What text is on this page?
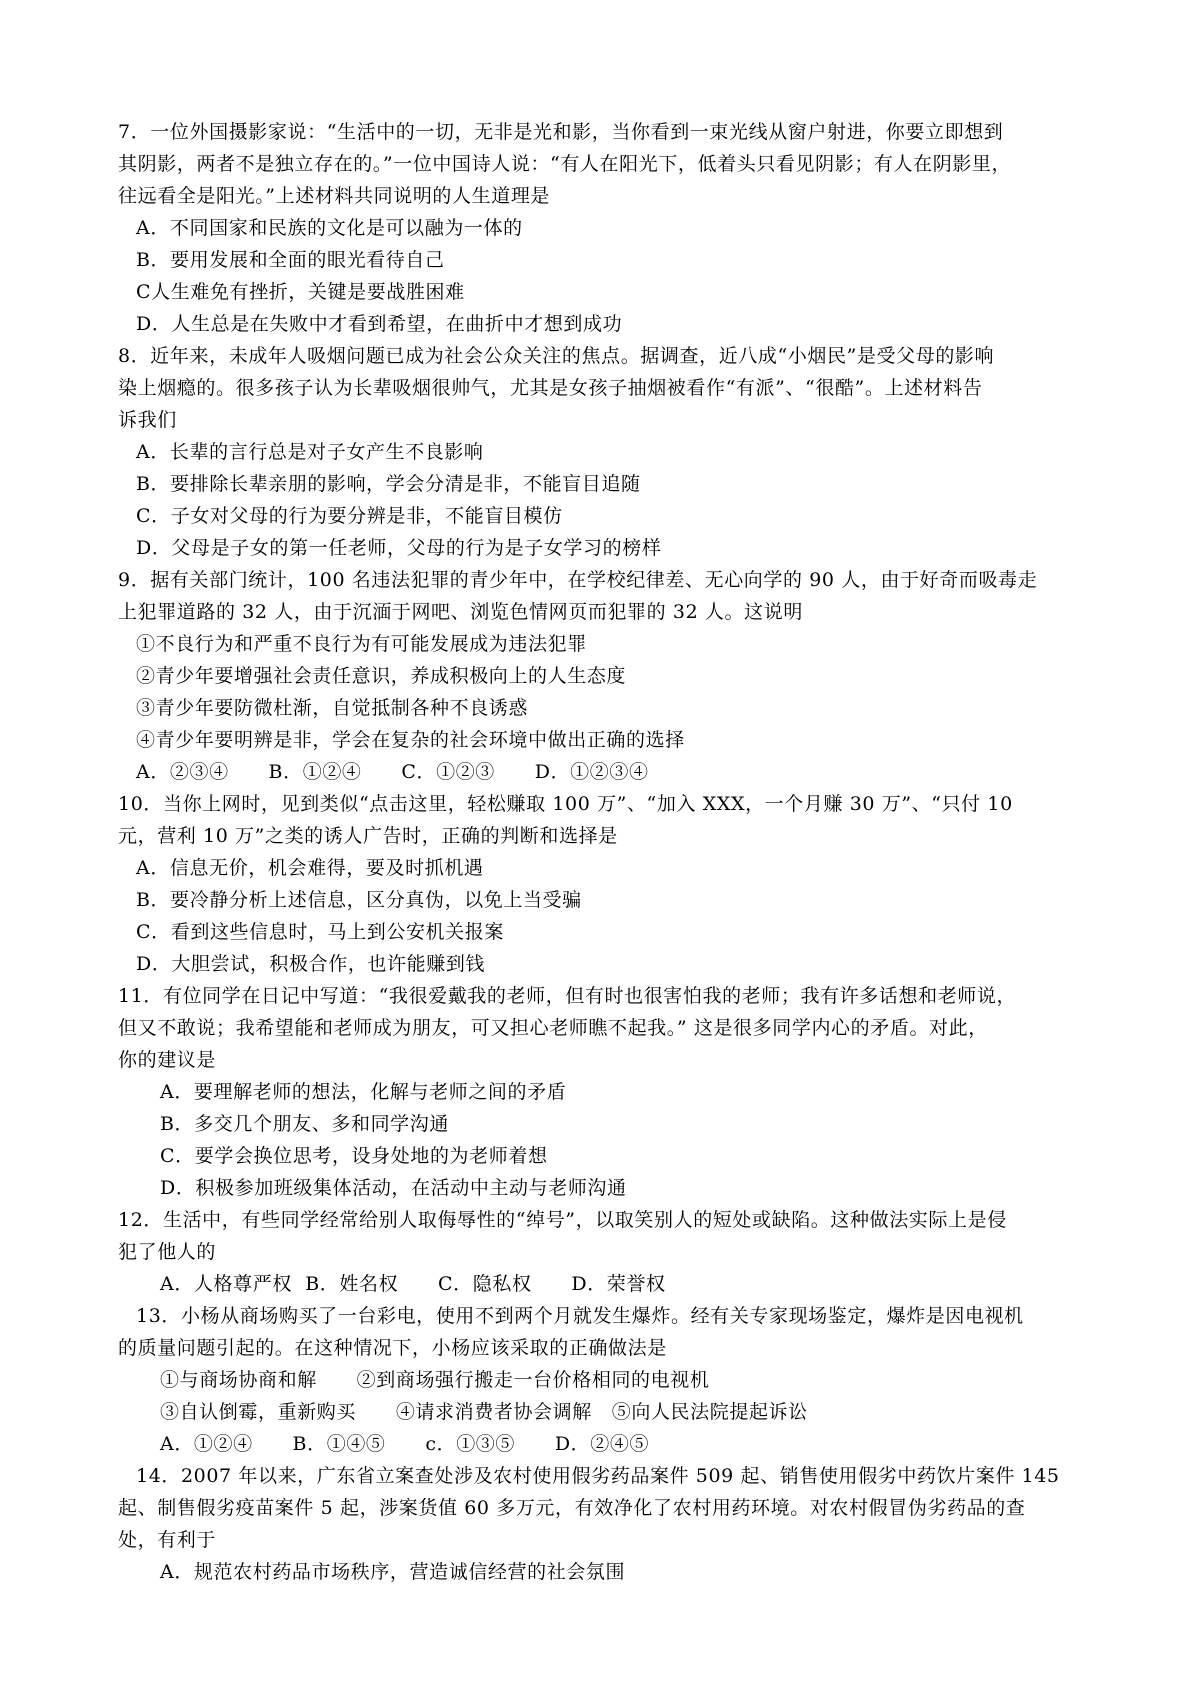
7．一位外国摄影家说：“生活中的一切，无非是光和影，当你看到一束光线从窗户射进，你要立即想到
其阴影，两者不是独立存在的。”一位中国诗人说：“有人在阳光下，低着头只看见阴影；有人在阴影里，
往远看全是阳光。”上述材料共同说明的人生道理是
A．不同国家和民族的文化是可以融为一体的
B．要用发展和全面的眼光看待自己
C人生难免有挫折，关键是要战胜困难
D．人生总是在失败中才看到希望，在曲折中才想到成功
8．近年来，未成年人吸烟问题已成为社会公众关注的焦点。据调查，近八成“小烟民”是受父母的影响
染上烟瘾的。很多孩子认为长辈吸烟很帅气，尤其是女孩子抽烟被看作“有派”、“很酷”。上述材料告
诉我们
A．长辈的言行总是对子女产生不良影响
B．要排除长辈亲朋的影响，学会分清是非，不能盲目追随
C．子女对父母的行为要分辨是非，不能盲目模仿
D．父母是子女的第一任老师，父母的行为是子女学习的榜样
9．据有关部门统计，100 名违法犯罪的青少年中，在学校纪律差、无心向学的 90 人，由于好奇而吸毒走
上犯罪道路的 32 人，由于沉湎于网吧、浏览色情网页而犯罪的 32 人。这说明
①不良行为和严重不良行为有可能发展成为违法犯罪
②青少年要增强社会责任意识，养成积极向上的人生态度
③青少年要防微杜渐，自觉抵制各种不良诱惑
④青少年要明辨是非，学会在复杂的社会环境中做出正确的选择
A．②③④      B．①②④      C．①②③      D．①②③④
10．当你上网时，见到类似“点击这里，轻松赚取 100 万”、“加入 XXX，一个月赚 30 万”、“只付 10
元，营利 10 万”之类的诱人广告时，正确的判断和选择是
A．信息无价，机会难得，要及时抓机遇
B．要冷静分析上述信息，区分真伪，以免上当受骗
C．看到这些信息时，马上到公安机关报案
D．大胆尝试，积极合作，也许能赚到钱
11．有位同学在日记中写道：“我很爱戴我的老师，但有时也很害怕我的老师；我有许多话想和老师说，
但又不敢说；我希望能和老师成为朋友，可又担心老师瞧不起我。” 这是很多同学内心的矛盾。对此，
你的建议是
A．要理解老师的想法，化解与老师之间的矛盾
B．多交几个朋友、多和同学沟通
C．要学会换位思考，设身处地的为老师着想
D．积极参加班级集体活动，在活动中主动与老师沟通
12．生活中，有些同学经常给别人取侮辱性的“绰号”，以取笑别人的短处或缺陷。这种做法实际上是侵
犯了他人的
A．人格尊严权  B．姓名权      C．隐私权      D．荣誉权
13．小杨从商场购买了一台彩电，使用不到两个月就发生爆炸。经有关专家现场鉴定，爆炸是因电视机
的质量问题引起的。在这种情况下，小杨应该采取的正确做法是
①与商场协商和解      ②到商场强行搬走一台价格相同的电视机
③自认倒霉，重新购买      ④请求消费者协会调解   ⑤向人民法院提起诉讼
A．①②④      B．①④⑤      c．①③⑤      D．②④⑤
14．2007 年以来，广东省立案查处涉及农村使用假劣药品案件 509 起、销售使用假劣中药饮片案件 145
起、制售假劣疫苗案件 5 起，涉案货值 60 多万元，有效净化了农村用药环境。对农村假冒伪劣药品的查
处，有利于
A．规范农村药品市场秩序，营造诚信经营的社会氛围
